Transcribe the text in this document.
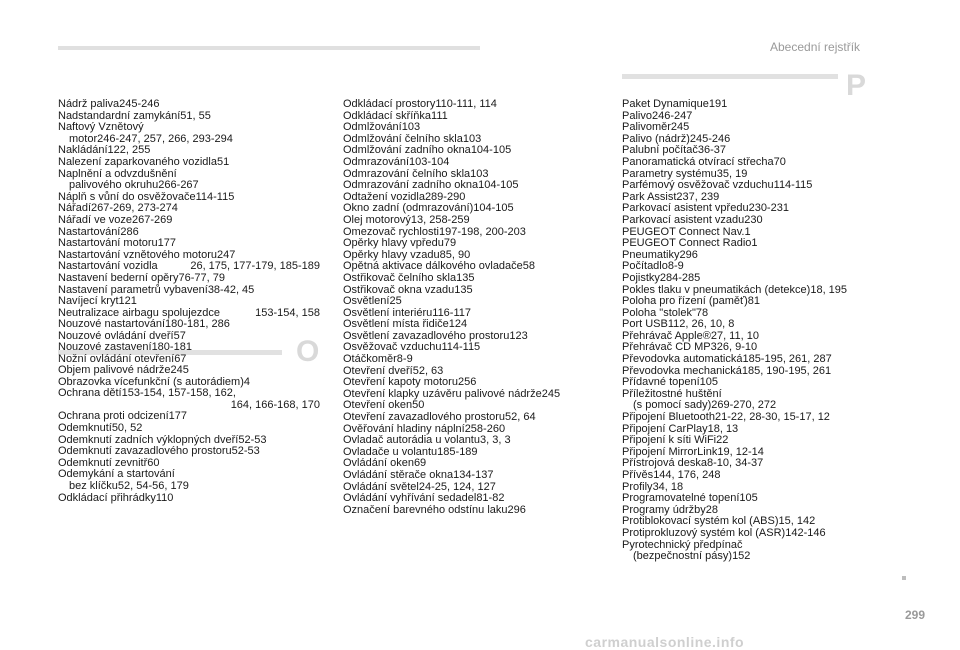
Abecední rejstřík
P
O
Nádrž paliva 245-246
Nadstandardní zamykání 51, 55
Naftový Vznětový
motor 246-247, 257, 266, 293-294
Nakládání 122, 255
Nalezení zaparkovaného vozidla 51
Naplnění a odvzdušnění
palivového okruhu 266-267
Náplň s vůní do osvěžovače 114-115
Nářadí 267-269, 273-274
Nářadí ve voze 267-269
Nastartování 286
Nastartování motoru 177
Nastartování vznětového motoru 247
Nastartování vozidla	26, 175, 177-179, 185-189
Nastavení bederní opěry 76-77, 79
Nastavení parametrů vybavení 38-42, 45
Navíjecí kryt 121
Neutralizace airbagu spolujezdce	153-154, 158
Nouzové nastartování 180-181, 286
Nouzové ovládání dveří 57
Nouzové zastavení 180-181
Nožní ovládání otevření 67
Objem palivové nádrže 245
Obrazovka vícefunkční (s autorádiem) 4
Ochrana dětí 153-154, 157-158, 162,
164, 166-168, 170
Ochrana proti odcizení 177
Odemknutí 50, 52
Odemknutí zadních výklopných dveří 52-53
Odemknutí zavazadlového prostoru 52-53
Odemknutí zevnitř 60
Odemykání a startování
bez klíčku 52, 54-56, 179
Odkládací přihrádky 110
Odkládací prostory 110-111, 114
Odkládací skříňka 111
Odmlžování 103
Odmlžování čelního skla 103
Odmlžování zadního okna 104-105
Odmrazování 103-104
Odmrazování čelního skla 103
Odmrazování zadního okna 104-105
Odtažení vozidla 289-290
Okno zadní (odmrazování) 104-105
Olej motorový 13, 258-259
Omezovač rychlosti 197-198, 200-203
Opěrky hlavy vpředu 79
Opěrky hlavy vzadu 85, 90
Opětná aktivace dálkového ovladače 58
Ostřikovač čelního skla 135
Ostřikovač okna vzadu 135
Osvětlení 25
Osvětlení interiéru 116-117
Osvětlení místa řidiče 124
Osvětlení zavazadlového prostoru 123
Osvěžovač vzduchu 114-115
Otáčkoměr 8-9
Otevření dveří 52, 63
Otevření kapoty motoru 256
Otevření klapky uzávěru palivové nádrže 245
Otevření oken 50
Otevření zavazadlového prostoru 52, 64
Ověřování hladiny náplní 258-260
Ovladač autorádia u volantu 3, 3, 3
Ovladače u volantu 185-189
Ovládání oken 69
Ovládání stěrače okna 134-137
Ovládání světel 24-25, 124, 127
Ovládání vyhřívání sedadel 81-82
Označení barevného odstínu laku 296
Paket Dynamique 191
Palivo 246-247
Palivoměr 245
Palivo (nádrž) 245-246
Palubní počítač 36-37
Panoramatická otvírací střecha 70
Parametry systému 35, 19
Parfémový osvěžovač vzduchu 114-115
Park Assist 237, 239
Parkovací asistent vpředu 230-231
Parkovací asistent vzadu 230
PEUGEOT Connect Nav. 1
PEUGEOT Connect Radio 1
Pneumatiky 296
Počítadlo 8-9
Pojistky 284-285
Pokles tlaku v pneumatikách (detekce) 18, 195
Poloha pro řízení (paměť) 81
Poloha "stolek" 78
Port USB 112, 26, 10, 8
Přehrávač Apple® 27, 11, 10
Přehrávač CD MP3 26, 9-10
Převodovka automatická 185-195, 261, 287
Převodovka mechanická 185, 190-195, 261
Přídavné topení 105
Příležitostné huštění
(s pomocí sady) 269-270, 272
Připojení Bluetooth 21-22, 28-30, 15-17, 12
Připojení CarPlay 18, 13
Připojení k síti WiFi 22
Připojení MirrorLink 19, 12-14
Přístrojová deska 8-10, 34-37
Přívěs 144, 176, 248
Profily 34, 18
Programovatelné topení 105
Programy údržby 28
Protiblokovací systém kol (ABS) 15, 142
Protiprokluzový systém kol (ASR) 142-146
Pyrotechnický předpínač
(bezpečnostní pásy) 152
299
carmanualsonline.info
